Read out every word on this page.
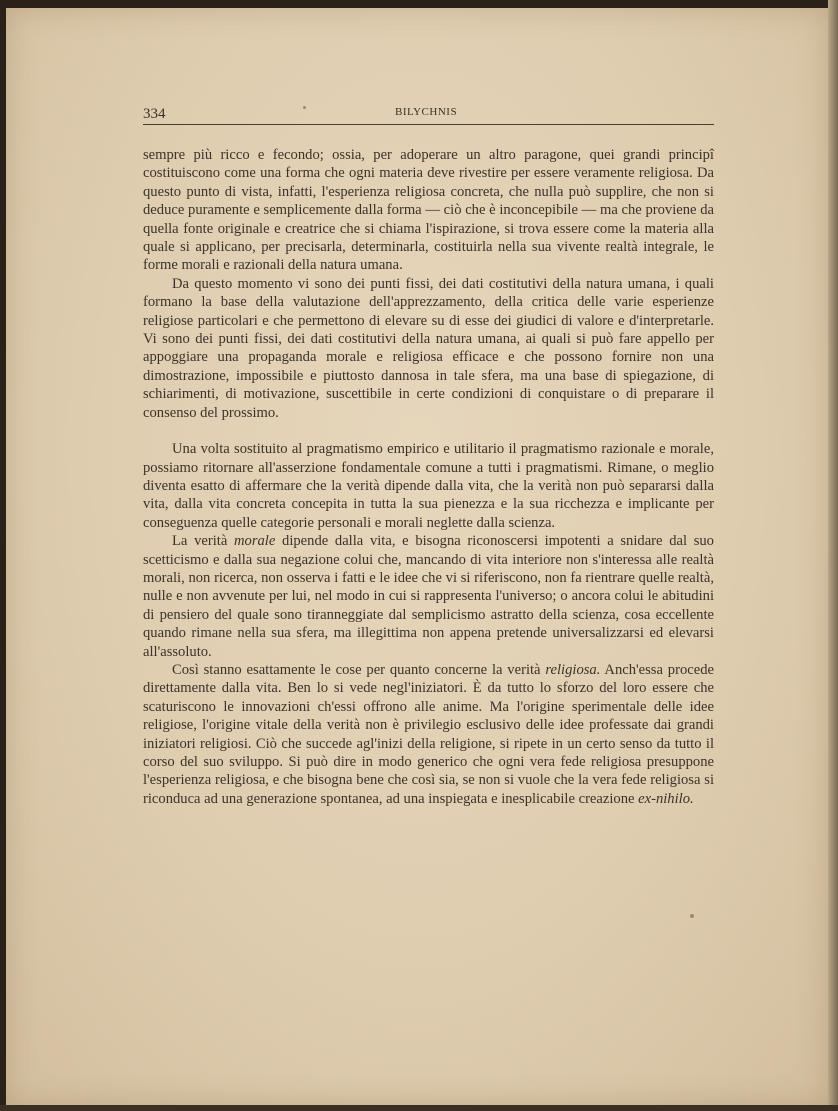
334	BILYCHNIS

sempre più ricco e fecondo; ossia, per adoperare un altro paragone, quei grandi principî costituiscono come una forma che ogni materia deve rivestire per essere veramente religiosa. Da questo punto di vista, infatti, l'esperienza religiosa concreta, che nulla può supplire, che non si deduce puramente e semplicemente dalla forma — ciò che è inconcepibile — ma che proviene da quella fonte originale e creatrice che si chiama l'ispirazione, si trova essere come la materia alla quale si applicano, per precisarla, determinarla, costituirla nella sua vivente realtà integrale, le forme morali e razionali della natura umana.

Da questo momento vi sono dei punti fissi, dei dati costitutivi della natura umana, i quali formano la base della valutazione dell'apprezzamento, della critica delle varie esperienze religiose particolari e che permettono di elevare su di esse dei giudici di valore e d'interpretarle. Vi sono dei punti fissi, dei dati costitutivi della natura umana, ai quali si può fare appello per appoggiare una propaganda morale e religiosa efficace e che possono fornire non una dimostrazione, impossibile e piuttosto dannosa in tale sfera, ma una base di spiegazione, di schiarimenti, di motivazione, suscettibile in certe condizioni di conquistare o di preparare il consenso del prossimo.

Una volta sostituito al pragmatismo empirico e utilitario il pragmatismo razionale e morale, possiamo ritornare all'asserzione fondamentale comune a tutti i pragmatismi. Rimane, o meglio diventa esatto di affermare che la verità dipende dalla vita, che la verità non può separarsi dalla vita, dalla vita concreta concepita in tutta la sua pienezza e la sua ricchezza e implicante per conseguenza quelle categorie personali e morali neglette dalla scienza.

La verità morale dipende dalla vita, e bisogna riconoscersi impotenti a snidare dal suo scetticismo e dalla sua negazione colui che, mancando di vita interiore non s'interessa alle realtà morali, non ricerca, non osserva i fatti e le idee che vi si riferiscono, non fa rientrare quelle realtà, nulle e non avvenute per lui, nel modo in cui si rappresenta l'universo; o ancora colui le abitudini di pensiero del quale sono tiranneggiate dal semplicismo astratto della scienza, cosa eccellente quando rimane nella sua sfera, ma illegittima non appena pretende universalizzarsi ed elevarsi all'assoluto.

Così stanno esattamente le cose per quanto concerne la verità religiosa. Anch'essa procede direttamente dalla vita. Ben lo si vede negl'iniziatori. È da tutto lo sforzo del loro essere che scaturiscono le innovazioni ch'essi offrono alle anime. Ma l'origine sperimentale delle idee religiose, l'origine vitale della verità non è privilegio esclusivo delle idee professate dai grandi iniziatori religiosi. Ciò che succede agl'inizi della religione, si ripete in un certo senso da tutto il corso del suo sviluppo. Si può dire in modo generico che ogni vera fede religiosa presuppone l'esperienza religiosa, e che bisogna bene che così sia, se non si vuole che la vera fede religiosa si riconduca ad una generazione spontanea, ad una inspiegata e inesplicabile creazione ex-nihilo.
